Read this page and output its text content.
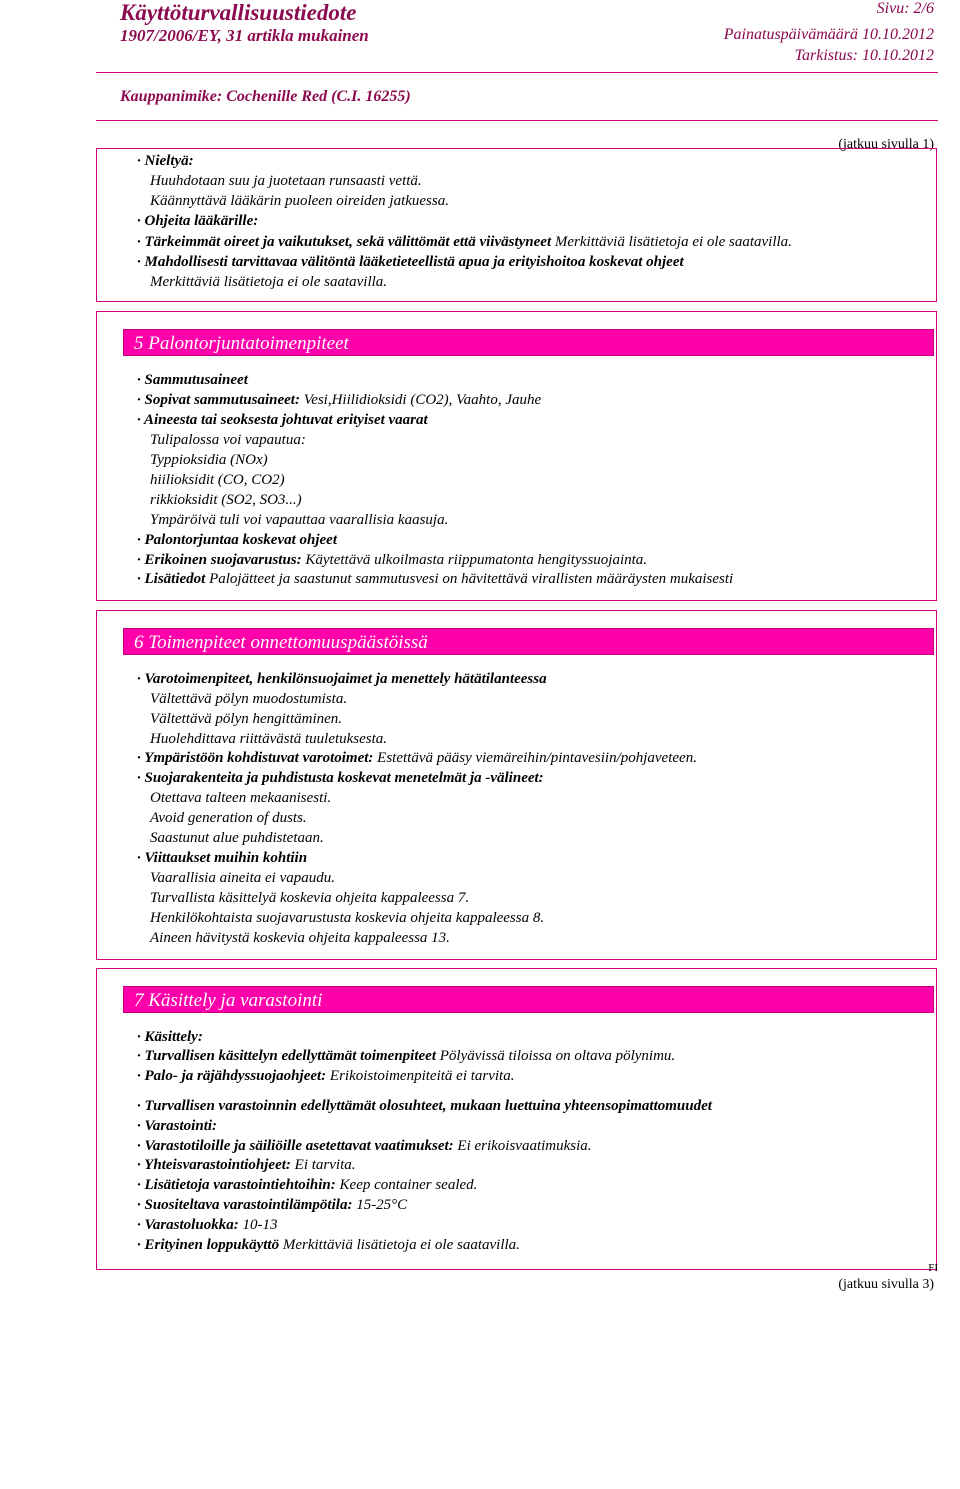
Käyttöturvallisuustiedote
1907/2006/EY, 31 artikla mukainen
Sivu: 2/6
Painatuspäivämäärä 10.10.2012
Tarkistus: 10.10.2012
Kauppanimike: Cochenille Red (C.I. 16255)
(jatkuu sivulla 1)
· Nieltyä:
Huuhdotaan suu ja juotetaan runsaasti vettä.
Käännyttävä lääkärin puoleen oireiden jatkuessa.
· Ohjeita lääkärille:
· Tärkeimmät oireet ja vaikutukset, sekä välittömät että viivästyneet Merkittäviä lisätietoja ei ole saatavilla.
· Mahdollisesti tarvittavaa välitöntä lääketieteellistä apua ja erityishoitoa koskevat ohjeet
Merkittäviä lisätietoja ei ole saatavilla.
5 Palontorjuntatoimenpiteet
· Sammutusaineet
· Sopivat sammutusaineet: Vesi,Hiilidioksidi (CO2), Vaahto, Jauhe
· Aineesta tai seoksesta johtuvat erityiset vaarat
Tulipalossa voi vapautua:
Typpioksidia (NOx)
hiilioksidit (CO, CO2)
rikkioksidit (SO2, SO3...)
Ympäröivä tuli voi vapauttaa vaarallisia kaasuja.
· Palontorjuntaa koskevat ohjeet
· Erikoinen suojavarustus: Käytettävä ulkoilmasta riippumatonta hengityssuojainta.
· Lisätiedot Palojätteet ja saastunut sammutusvesi on hävitettävä virallisten määräysten mukaisesti
6 Toimenpiteet onnettomuuspäästöissä
· Varotoimenpiteet, henkilönsuojaimet ja menettely hätätilanteessa
Vältettävä pölyn muodostumista.
Vältettävä pölyn hengittäminen.
Huolehdittava riittävästä tuuletuksesta.
· Ympäristöön kohdistuvat varotoimet: Estettävä pääsy viemäreihin/pintavesiin/pohjaveteen.
· Suojarakenteita ja puhdistusta koskevat menetelmät ja -välineet:
Otettava talteen mekaanisesti.
Avoid generation of dusts.
Saastunut alue puhdistetaan.
· Viittaukset muihin kohtiin
Vaarallisia aineita ei vapaudu.
Turvallista käsittelyä koskevia ohjeita kappaleessa 7.
Henkilökohtaista suojavarustusta koskevia ohjeita kappaleessa 8.
Aineen hävitystä koskevia ohjeita kappaleessa 13.
7 Käsittely ja varastointi
· Käsittely:
· Turvallisen käsittelyn edellyttämät toimenpiteet Pölyävissä tiloissa on oltava pölynimu.
· Palo- ja räjähdyssuojaohjeet: Erikoistoimenpiteitä ei tarvita.
· Turvallisen varastoinnin edellyttämät olosuhteet, mukaan luettuina yhteensopimattomuudet
· Varastointi:
· Varastotiloille ja säiliöille asetettavat vaatimukset: Ei erikoisvaatimuksia.
· Yhteisvarastointiohjeet: Ei tarvita.
· Lisätietoja varastointiehtoihin: Keep container sealed.
· Suositeltava varastointilämpötila: 15-25°C
· Varastoluokka: 10-13
· Erityinen loppukäyttö Merkittäviä lisätietoja ei ole saatavilla.
FI
(jatkuu sivulla 3)
